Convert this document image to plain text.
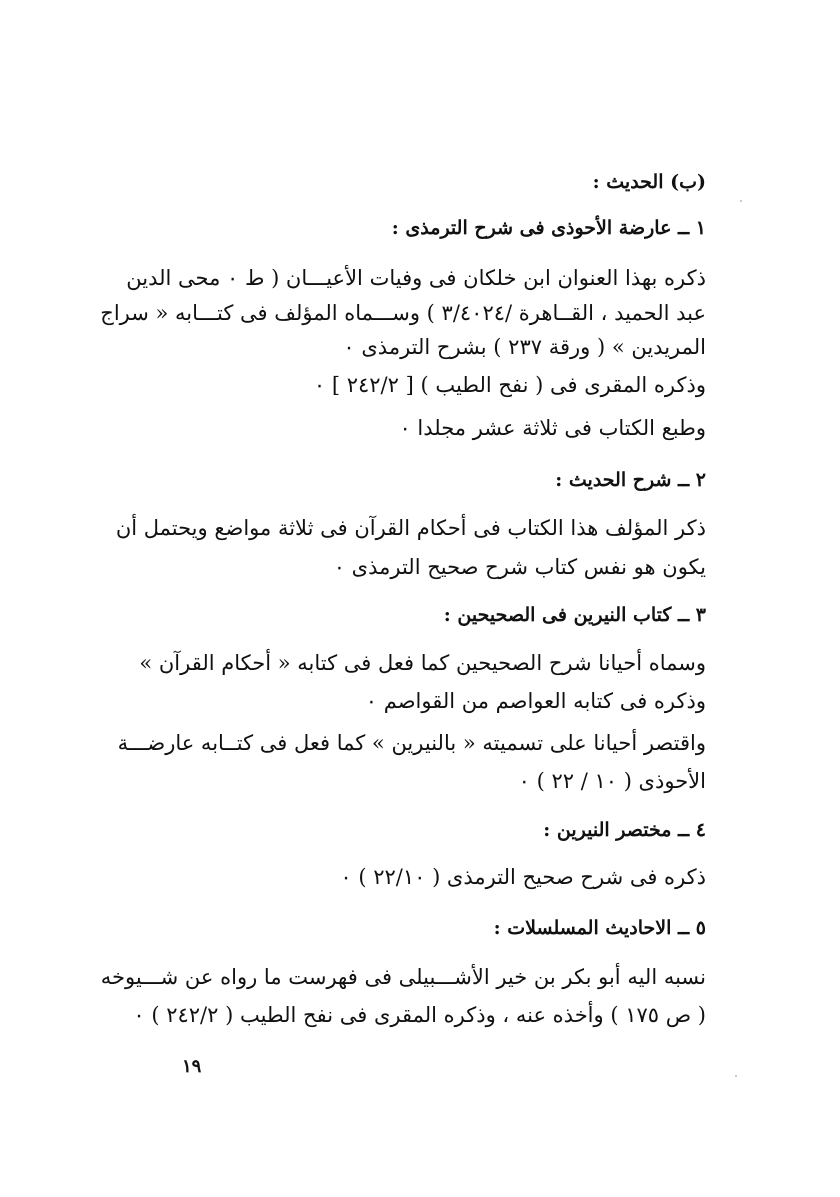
(ب) الحديث :
١ ــ عارضة الأحوذى فى شرح الترمذى :
ذكره بهذا العنوان ابن خلكان فى وفيات الأعيـــان ( ط ٠ محى الدين
عبد الحميد ، القــاهرة /٣/٤٠٢٤ ) وســـماه المؤلف فى كتـــابه « سراج
المريدين » ( ورقة ٢٣٧ ) بشرح الترمذى ٠
وذكره المقرى فى ( نفح الطيب ) [ ٢٤٢/٢ ] ٠
وطبع الكتاب فى ثلاثة عشر مجلدا ٠
٢ ــ شرح الحديث :
ذكر المؤلف هذا الكتاب فى أحكام القرآن فى ثلاثة مواضع ويحتمل أن
يكون هو نفس كتاب شرح صحيح الترمذى ٠
٣ ــ كتاب النيرين فى الصحيحين :
وسماه أحيانا شرح الصحيحين كما فعل فى كتابه « أحكام القرآن »
وذكره فى كتابه العواصم من القواصم ٠
واقتصر أحيانا على تسميته « بالنيرين » كما فعل فى كتــابه عارضـــة
الأحوذى ( ١٠ / ٢٢ ) ٠
٤ ــ مختصر النيرين :
ذكره فى شرح صحيح الترمذى ( ٢٢/١٠ ) ٠
٥ ــ الاحاديث المسلسلات :
نسبه اليه أبو بكر بن خير الأشـــبيلى فى فهرست ما رواه عن شـــيوخه
( ص ١٧٥ ) وأخذه عنه ، وذكره المقرى فى نفح الطيب ( ٢٤٢/٢ ) ٠
١٩
